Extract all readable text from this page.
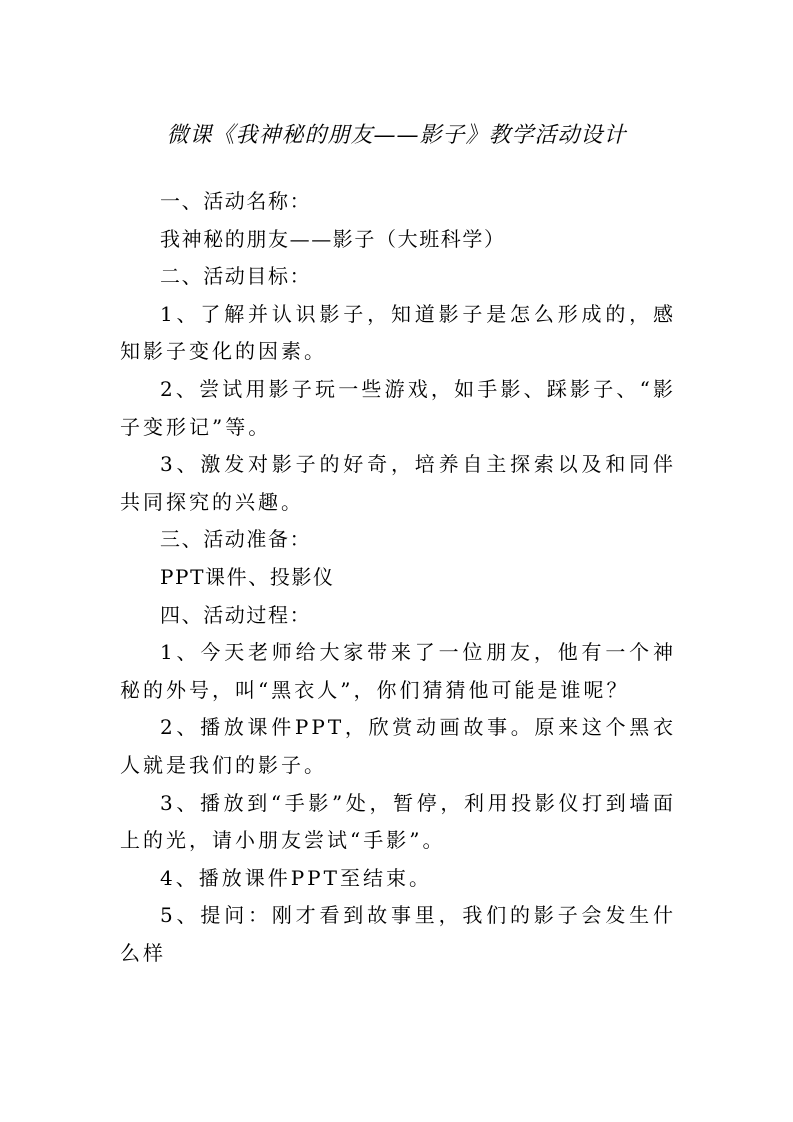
微课《我神秘的朋友——影子》教学活动设计

一、活动名称：

我神秘的朋友——影子（大班科学）

二、活动目标：

1、了解并认识影子，知道影子是怎么形成的，感知影子变化的因素。

2、尝试用影子玩一些游戏，如手影、踩影子、“影子变形记”等。

3、激发对影子的好奇，培养自主探索以及和同伴共同探究的兴趣。

三、活动准备：

PPT课件、投影仪

四、活动过程：

1、今天老师给大家带来了一位朋友，他有一个神秘的外号，叫“黑衣人”，你们猜猜他可能是谁呢？

2、播放课件PPT，欣赏动画故事。原来这个黑衣人就是我们的影子。

3、播放到“手影”处，暂停，利用投影仪打到墙面上的光，请小朋友尝试“手影”。

4、播放课件PPT至结束。

5、提问：刚才看到故事里，我们的影子会发生什么样
